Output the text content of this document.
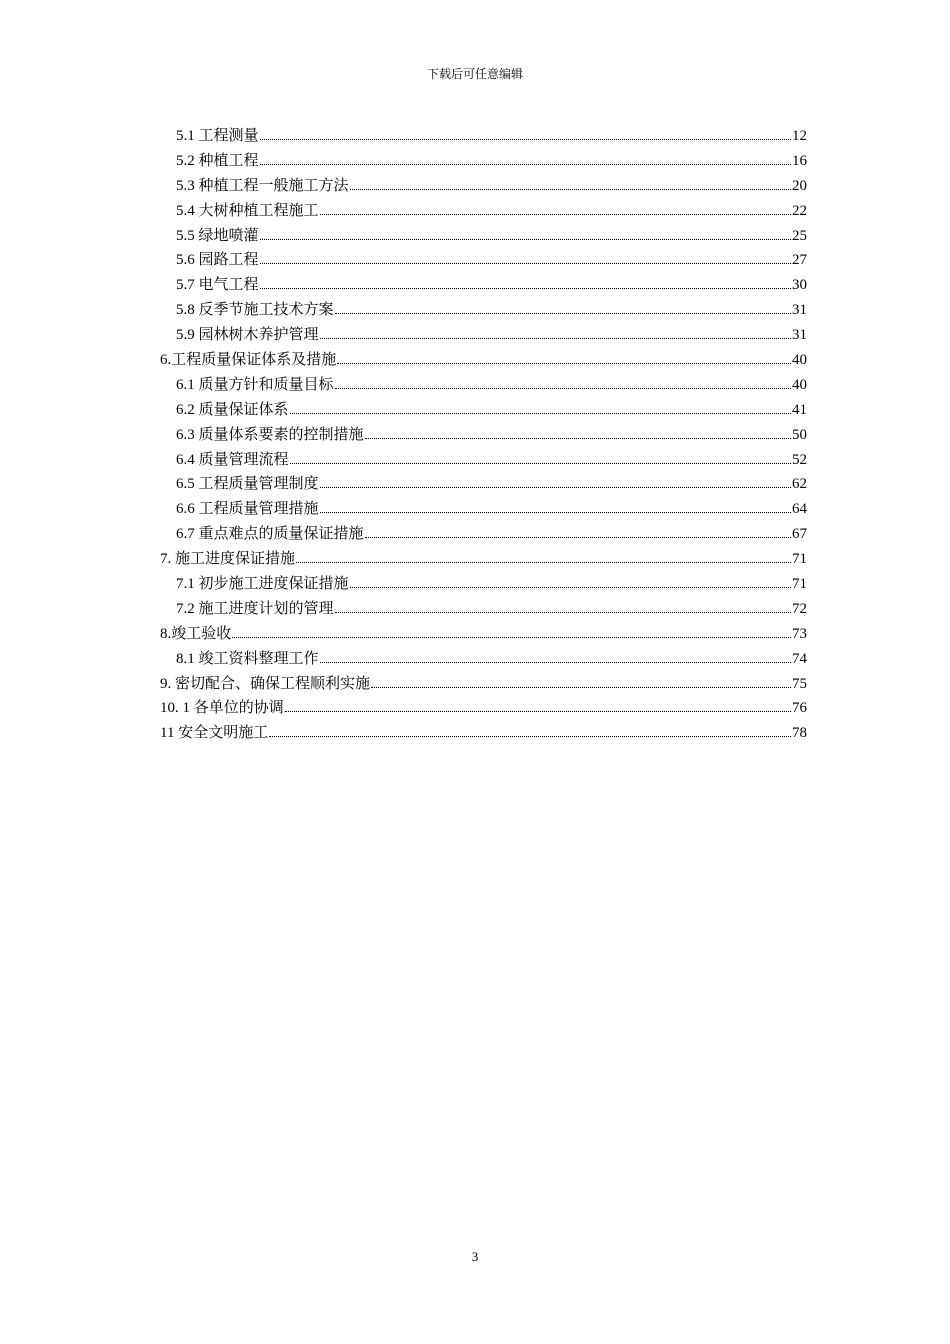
下载后可任意编辑
5.1 工程测量	12
5.2 种植工程	16
5.3 种植工程一般施工方法	20
5.4 大树种植工程施工	22
5.5 绿地喷灌	25
5.6 园路工程	27
5.7 电气工程	30
5.8 反季节施工技术方案	31
5.9 园林树木养护管理	31
6.工程质量保证体系及措施	40
6.1 质量方针和质量目标	40
6.2 质量保证体系	41
6.3 质量体系要素的控制措施	50
6.4 质量管理流程	52
6.5 工程质量管理制度	62
6.6 工程质量管理措施	64
6.7 重点难点的质量保证措施	67
7. 施工进度保证措施	71
7.1 初步施工进度保证措施	71
7.2 施工进度计划的管理	72
8.竣工验收	73
8.1 竣工资料整理工作	74
9. 密切配合、确保工程顺利实施	75
10. 1 各单位的协调	76
11 安全文明施工	78
3
